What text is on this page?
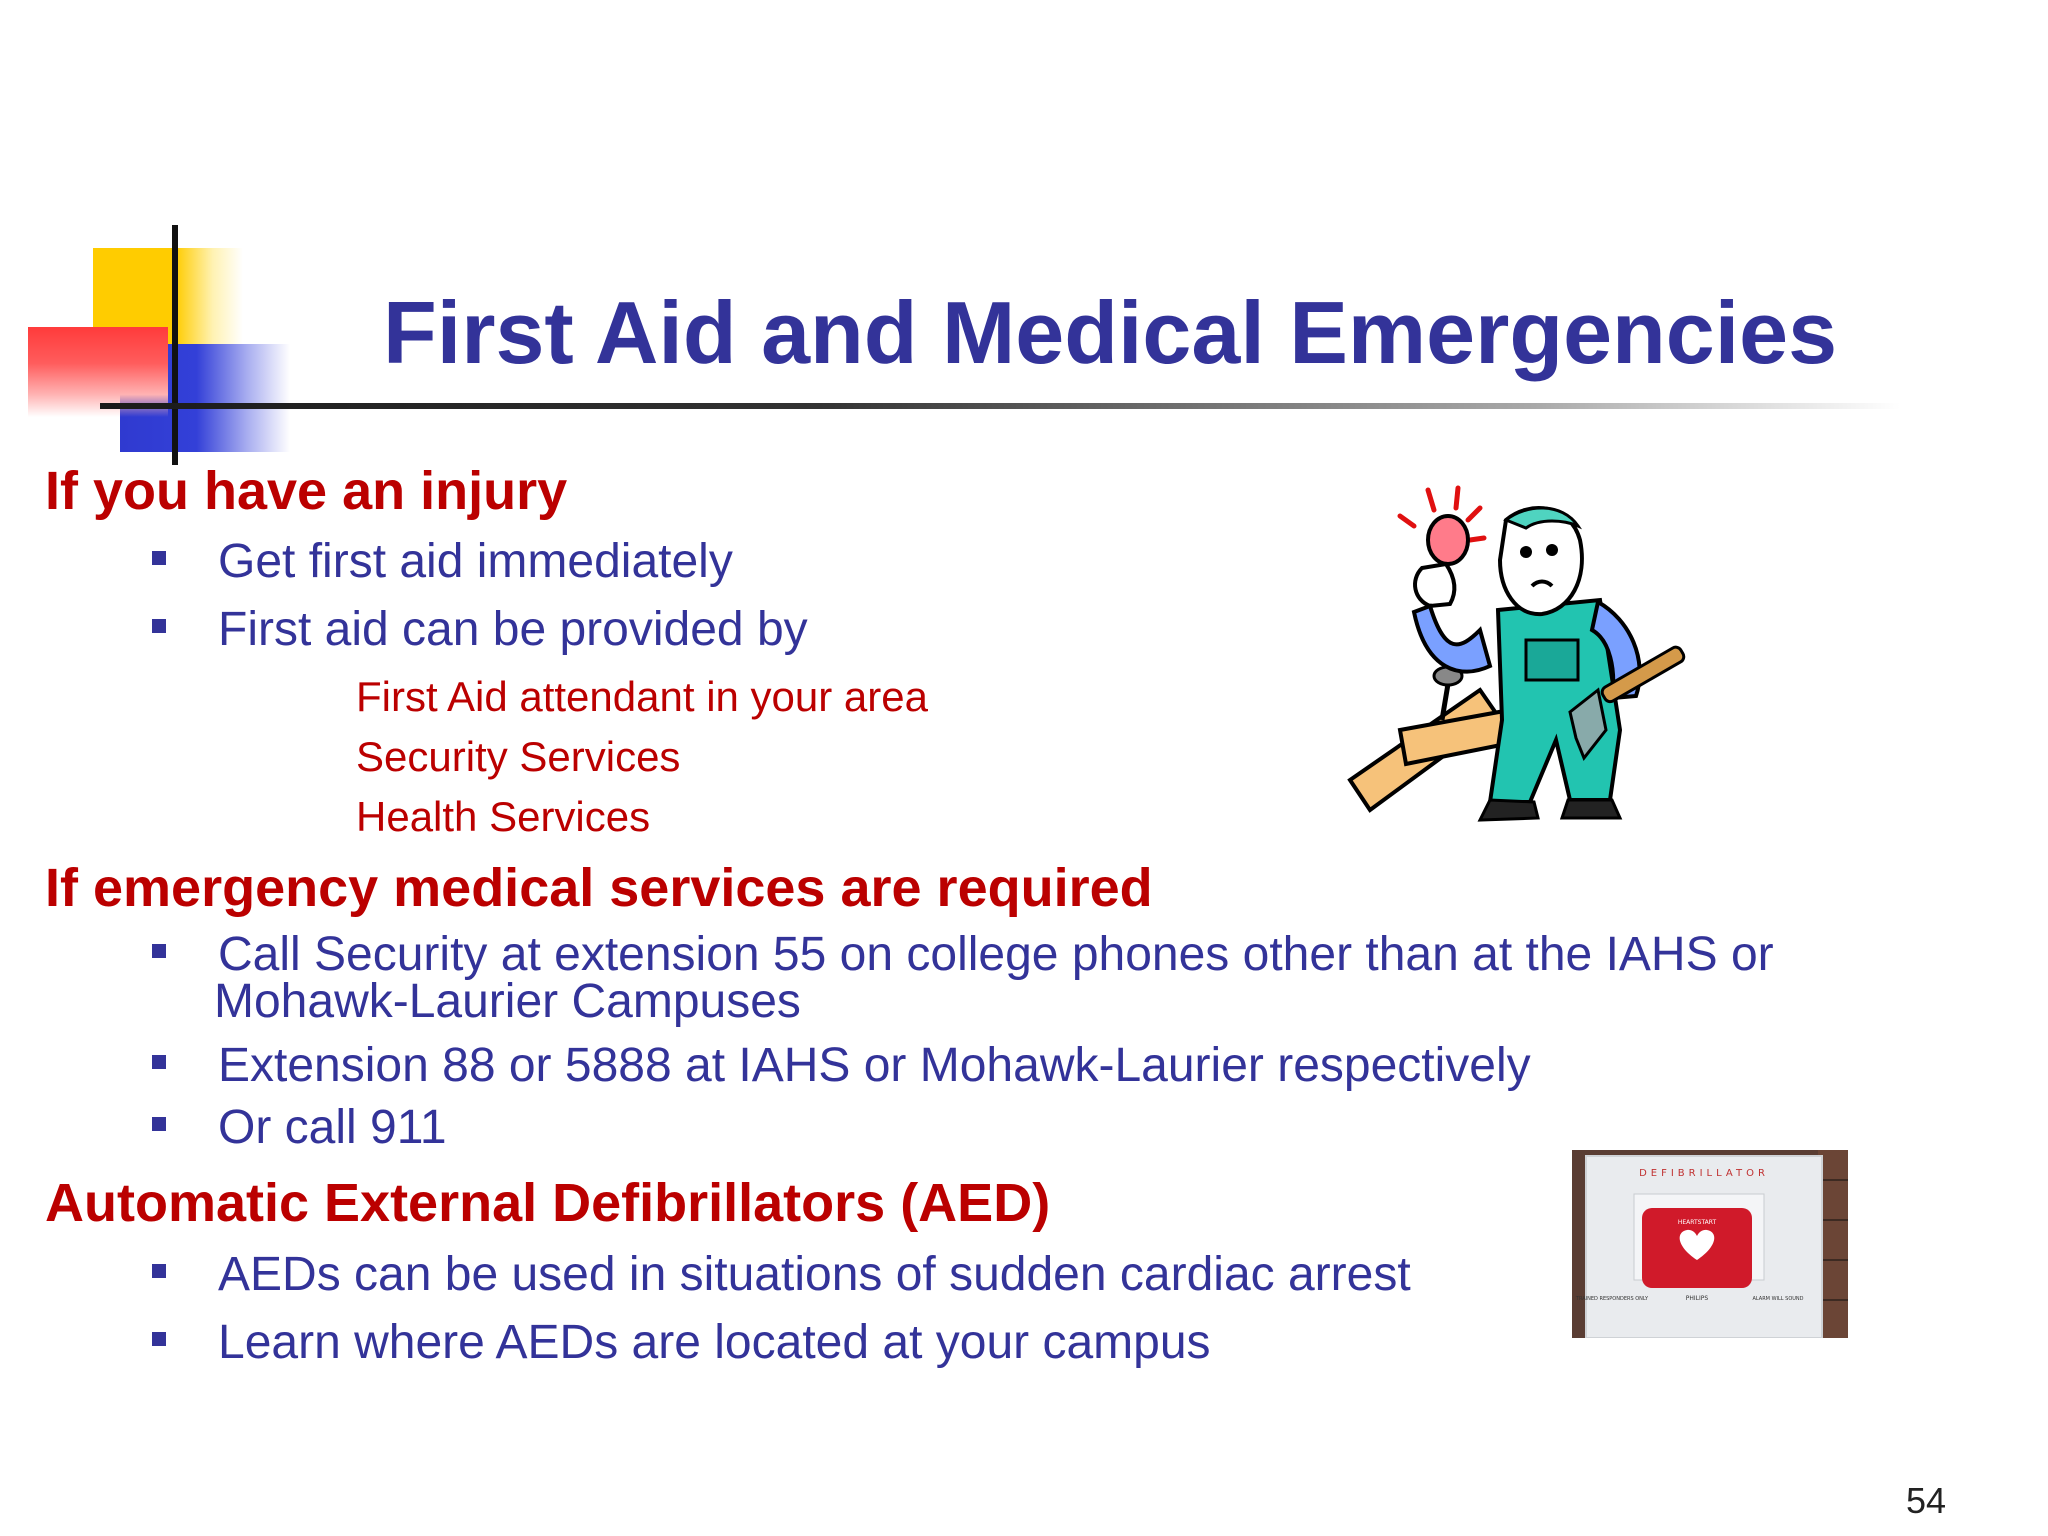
First Aid and Medical Emergencies
If you have an injury
Get first aid immediately
First aid can be provided by
First Aid attendant in your area
Security Services
Health Services
If emergency medical services are required
Call Security at extension 55 on college phones other than at the IAHS or
Mohawk-Laurier Campuses
Extension 88 or 5888 at IAHS or Mohawk-Laurier respectively
Or call 911
Automatic External Defibrillators (AED)
AEDs can be used in situations of sudden cardiac arrest
Learn where AEDs are located at your campus
DEFIBRILLATOR
HEARTSTART
TRAINED RESPONDERS ONLY	ALARM WILL SOUND
PHILIPS
54
